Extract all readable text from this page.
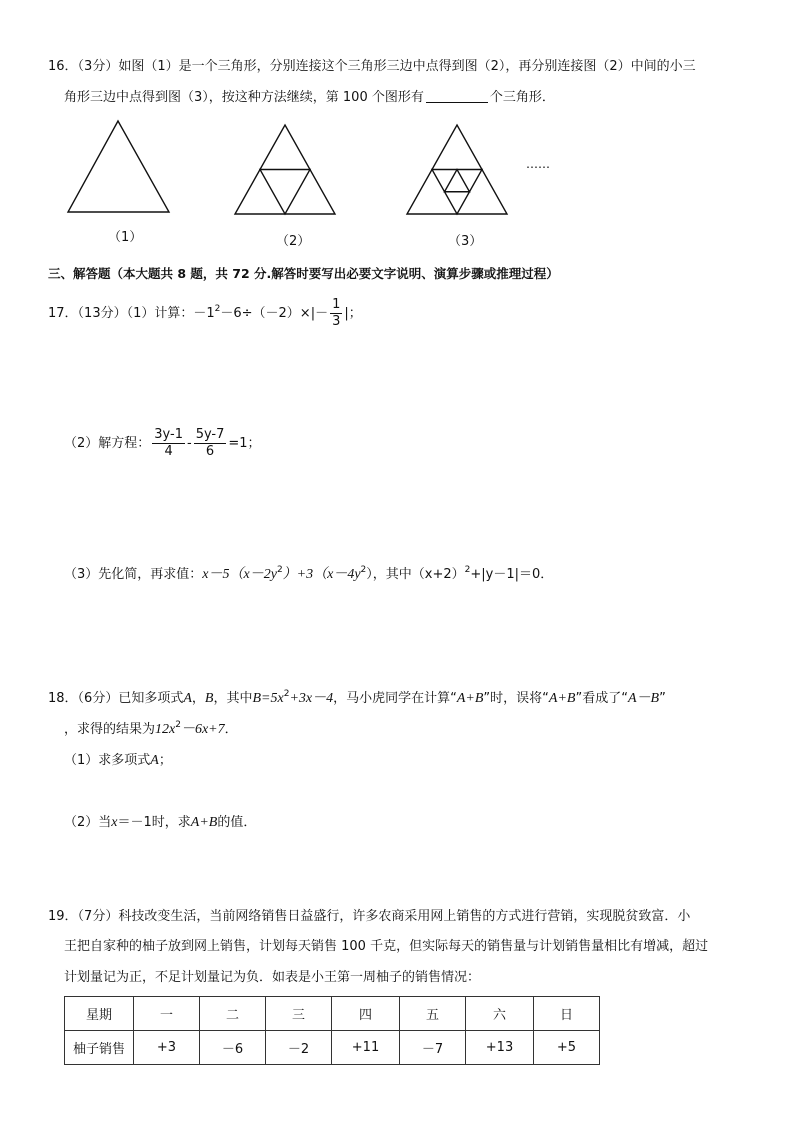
16．（3分）如图（1）是一个三角形，分别连接这个三角形三边中点得到图（2），再分别连接图（2）中间的小三
角形三边中点得到图（3），按这种方法继续，第 100 个图形有	个三角形．
（1）	（2）	（3）
……
三、解答题（本大题共 8 题，共 72 分.解答时要写出必要文字说明、演算步骤或推理过程）
17．（13分）（1）计算：$-1^2-6\div(-2)\times|- \frac{1}{3}$ |；
（2）解方程： $\frac{3y-1}{4} - \frac{5y-7}{6} =1$；
（3）先化简，再求值：$x-5(x-2y^2)+3(x-4y^2)$，其中$(x+2)^2+|y-1|=0$．
18．（6分）已知多项式A，B，其中$B=5x^2+3x-4$，马小虎同学在计算“A+B”时，误将“A+B”看成了“A－B”
，求得的结果为$12x^2-6x+7$．
（1）求多项式A；
（2）当x＝－1时，求A+B的值．
19．（7分）科技改变生活，当前网络销售日益盛行，许多农商采用网上销售的方式进行营销，实现脱贫致富．小
王把自家种的柚子放到网上销售，计划每天销售 100 千克，但实际每天的销售量与计划销售量相比有增减，超过
计划量记为正，不足计划量记为负．如表是小王第一周柚子的销售情况：
星期	一	二	三	四	五	六	日
柚子销售	+3	－6	－2	+11	－7	+13	+5
